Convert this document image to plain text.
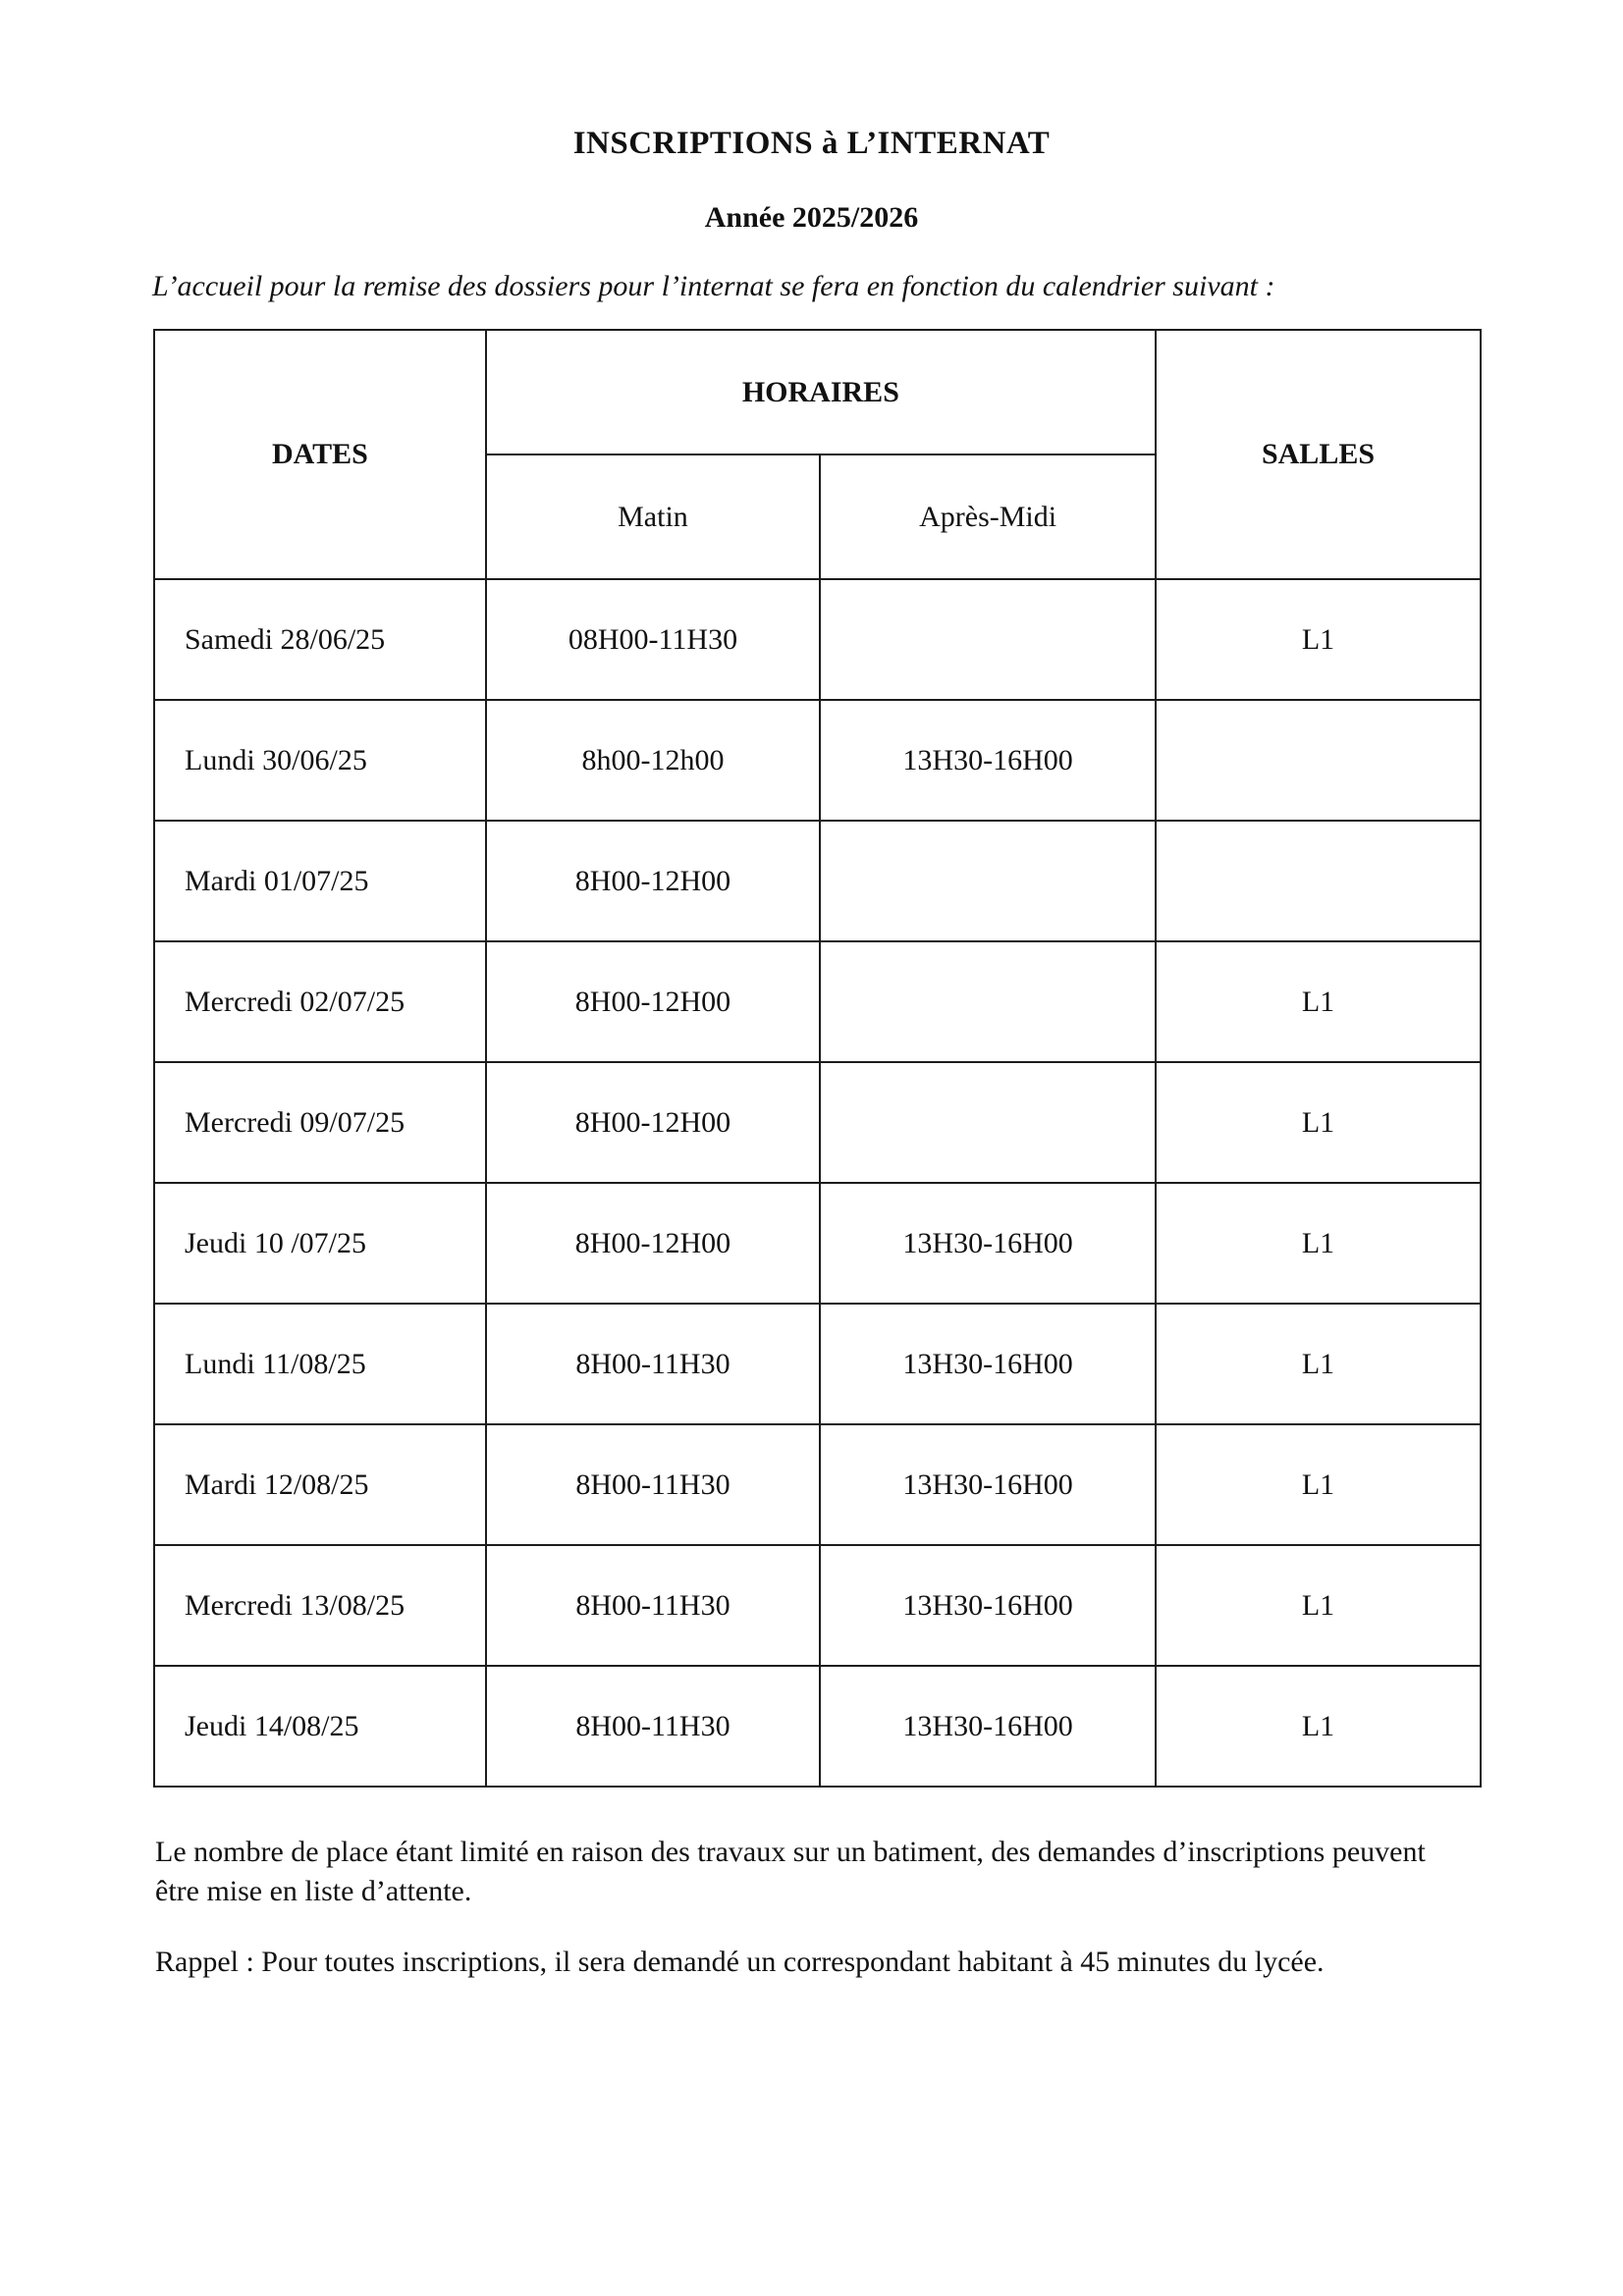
INSCRIPTIONS à L’INTERNAT
Année 2025/2026

L’accueil pour la remise des dossiers pour l’internat se fera en fonction du calendrier suivant :

DATES	HORAIRES		SALLES
	Matin	Après-Midi	
Samedi 28/06/25	08H00-11H30		L1
Lundi 30/06/25	8h00-12h00	13H30-16H00	
Mardi 01/07/25	8H00-12H00		
Mercredi 02/07/25	8H00-12H00		L1
Mercredi 09/07/25	8H00-12H00		L1
Jeudi 10 /07/25	8H00-12H00	13H30-16H00	L1
Lundi 11/08/25	8H00-11H30	13H30-16H00	L1
Mardi 12/08/25	8H00-11H30	13H30-16H00	L1
Mercredi 13/08/25	8H00-11H30	13H30-16H00	L1
Jeudi 14/08/25	8H00-11H30	13H30-16H00	L1

Le nombre de place étant limité en raison des travaux sur un batiment, des demandes d’inscriptions peuvent
être mise en liste d’attente.

Rappel : Pour toutes inscriptions, il sera demandé un correspondant habitant à 45 minutes du lycée.
